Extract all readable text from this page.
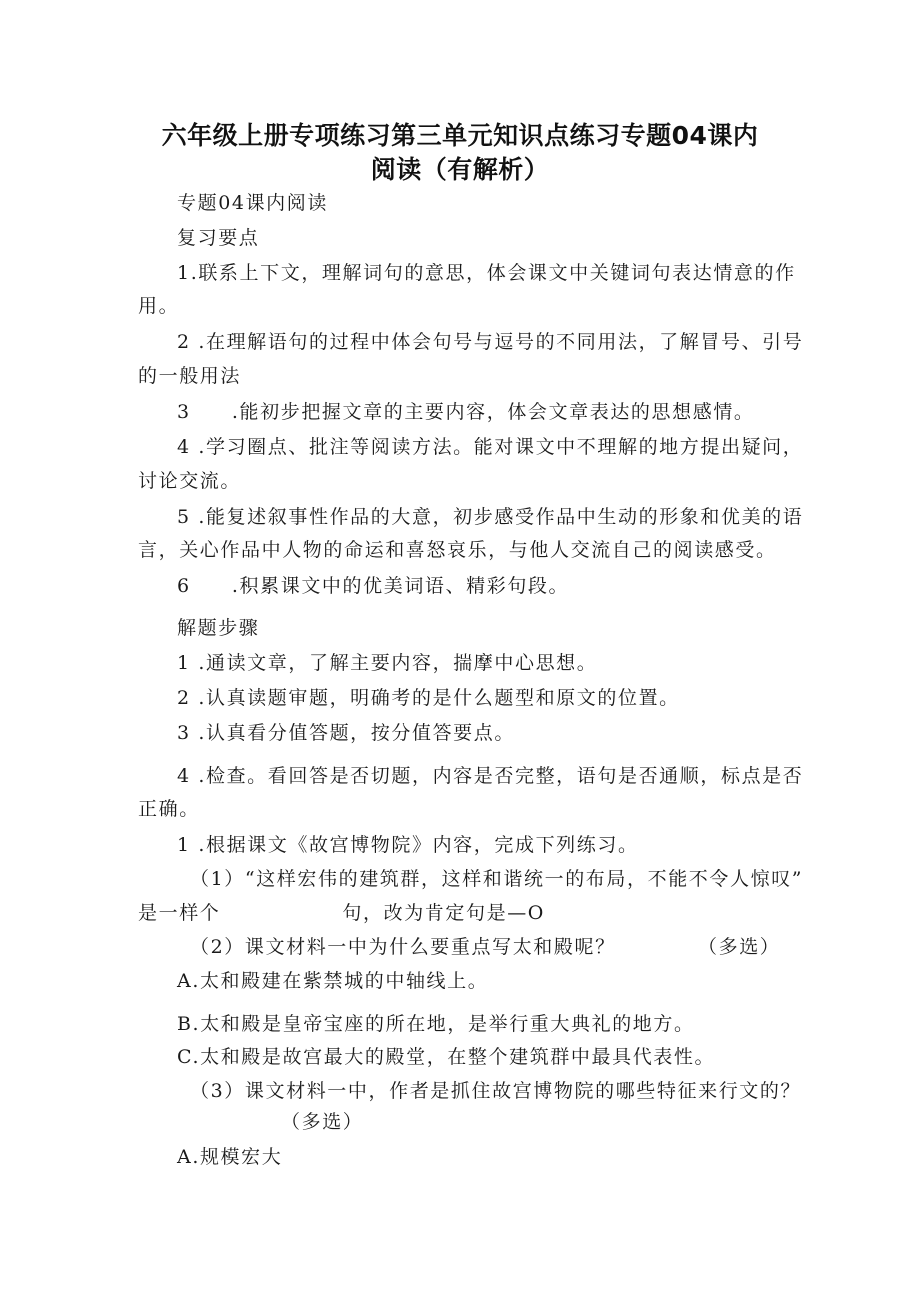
六年级上册专项练习第三单元知识点练习专题04课内
阅读（有解析）
专题04课内阅读
复习要点
1.联系上下文，理解词句的意思，体会课文中关键词句表达情意的作
用。
2 .在理解语句的过程中体会句号与逗号的不同用法，了解冒号、引号
的一般用法
3　　.能初步把握文章的主要内容，体会文章表达的思想感情。
4 .学习圈点、批注等阅读方法。能对课文中不理解的地方提出疑问，
讨论交流。
5 .能复述叙事性作品的大意，初步感受作品中生动的形象和优美的语
言，关心作品中人物的命运和喜怒哀乐，与他人交流自己的阅读感受。
6　　.积累课文中的优美词语、精彩句段。
解题步骤
1 .通读文章，了解主要内容，揣摩中心思想。
2 .认真读题审题，明确考的是什么题型和原文的位置。
3 .认真看分值答题，按分值答要点。
4 .检查。看回答是否切题，内容是否完整，语句是否通顺，标点是否
正确。
1 .根据课文《故宫博物院》内容，完成下列练习。
（1）“这样宏伟的建筑群，这样和谐统一的布局，不能不令人惊叹”
是一样个	句，改为肯定句是—O
（2）课文材料一中为什么要重点写太和殿呢？	（多选）
A.太和殿建在紫禁城的中轴线上。
B.太和殿是皇帝宝座的所在地，是举行重大典礼的地方。
C.太和殿是故宫最大的殿堂，在整个建筑群中最具代表性。
（3）课文材料一中，作者是抓住故宫博物院的哪些特征来行文的？
（多选）
A.规模宏大
